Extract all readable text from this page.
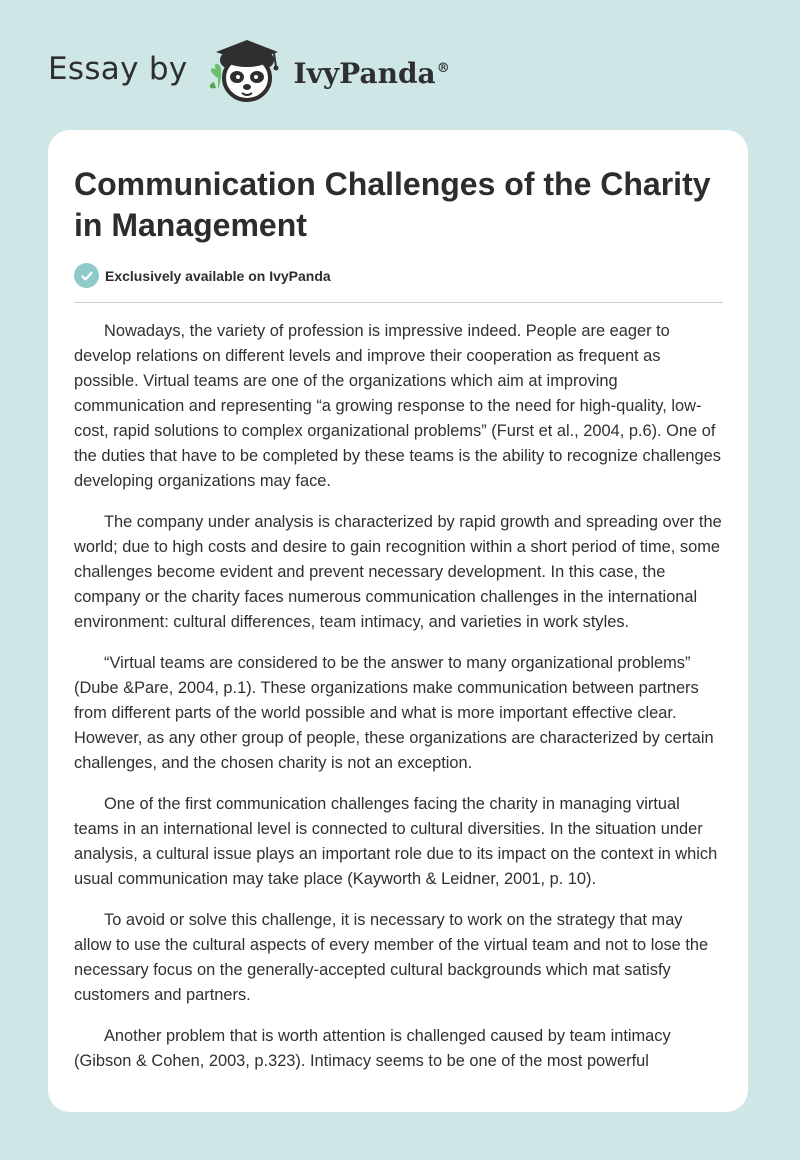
Essay by	IvyPanda®
Communication Challenges of the Charity in Management
Exclusively available on IvyPanda

Nowadays, the variety of profession is impressive indeed. People are eager to develop relations on different levels and improve their cooperation as frequent as possible. Virtual teams are one of the organizations which aim at improving communication and representing “a growing response to the need for high-quality, low-cost, rapid solutions to complex organizational problems” (Furst et al., 2004, p.6). One of the duties that have to be completed by these teams is the ability to recognize challenges developing organizations may face.

The company under analysis is characterized by rapid growth and spreading over the world; due to high costs and desire to gain recognition within a short period of time, some challenges become evident and prevent necessary development. In this case, the company or the charity faces numerous communication challenges in the international environment: cultural differences, team intimacy, and varieties in work styles.

“Virtual teams are considered to be the answer to many organizational problems” (Dube &Pare, 2004, p.1). These organizations make communication between partners from different parts of the world possible and what is more important effective clear. However, as any other group of people, these organizations are characterized by certain challenges, and the chosen charity is not an exception.

One of the first communication challenges facing the charity in managing virtual teams in an international level is connected to cultural diversities. In the situation under analysis, a cultural issue plays an important role due to its impact on the context in which usual communication may take place (Kayworth & Leidner, 2001, p. 10).

To avoid or solve this challenge, it is necessary to work on the strategy that may allow to use the cultural aspects of every member of the virtual team and not to lose the necessary focus on the generally-accepted cultural backgrounds which mat satisfy customers and partners.

Another problem that is worth attention is challenged caused by team intimacy (Gibson & Cohen, 2003, p.323). Intimacy seems to be one of the most powerful
